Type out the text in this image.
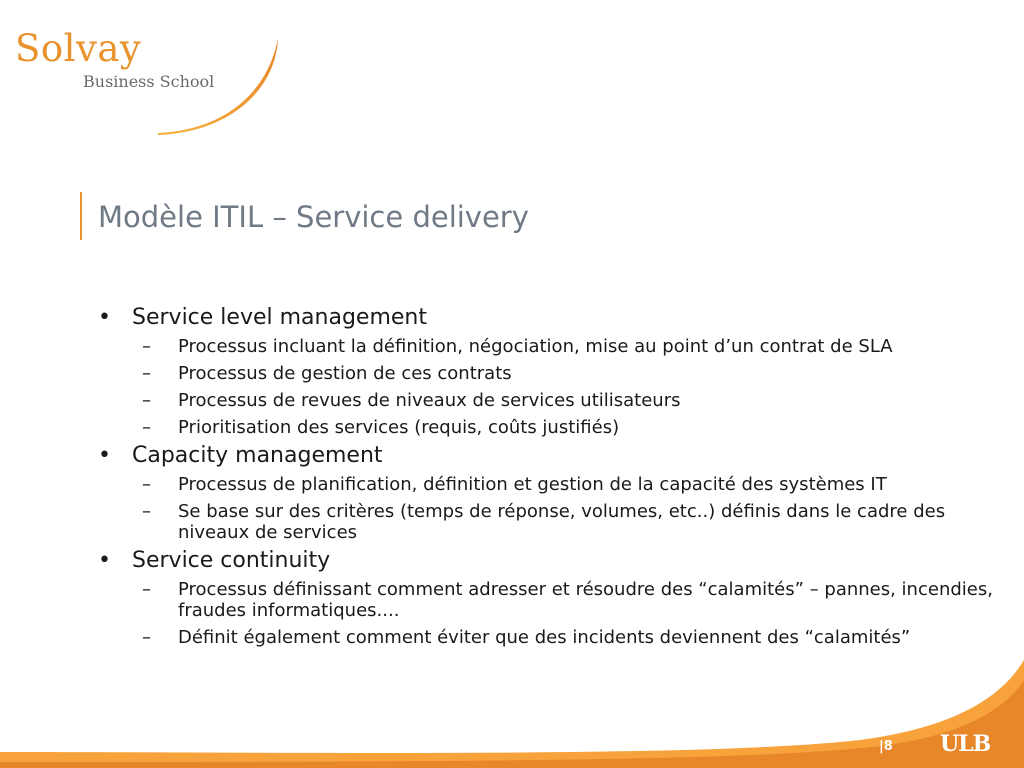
Solvay
Business School
Modèle ITIL – Service delivery
• Service level management
– Processus incluant la définition, négociation, mise au point d’un contrat de SLA
– Processus de gestion de ces contrats
– Processus de revues de niveaux de services utilisateurs
– Prioritisation des services (requis, coûts justifiés)
• Capacity management
– Processus de planification, définition et gestion de la capacité des systèmes IT
– Se base sur des critères (temps de réponse, volumes, etc..) définis dans le cadre des niveaux de services
• Service continuity
– Processus définissant comment adresser et résoudre des “calamités” – pannes, incendies, fraudes informatiques....
– Définit également comment éviter que des incidents deviennent des “calamités”
|8 ULB
